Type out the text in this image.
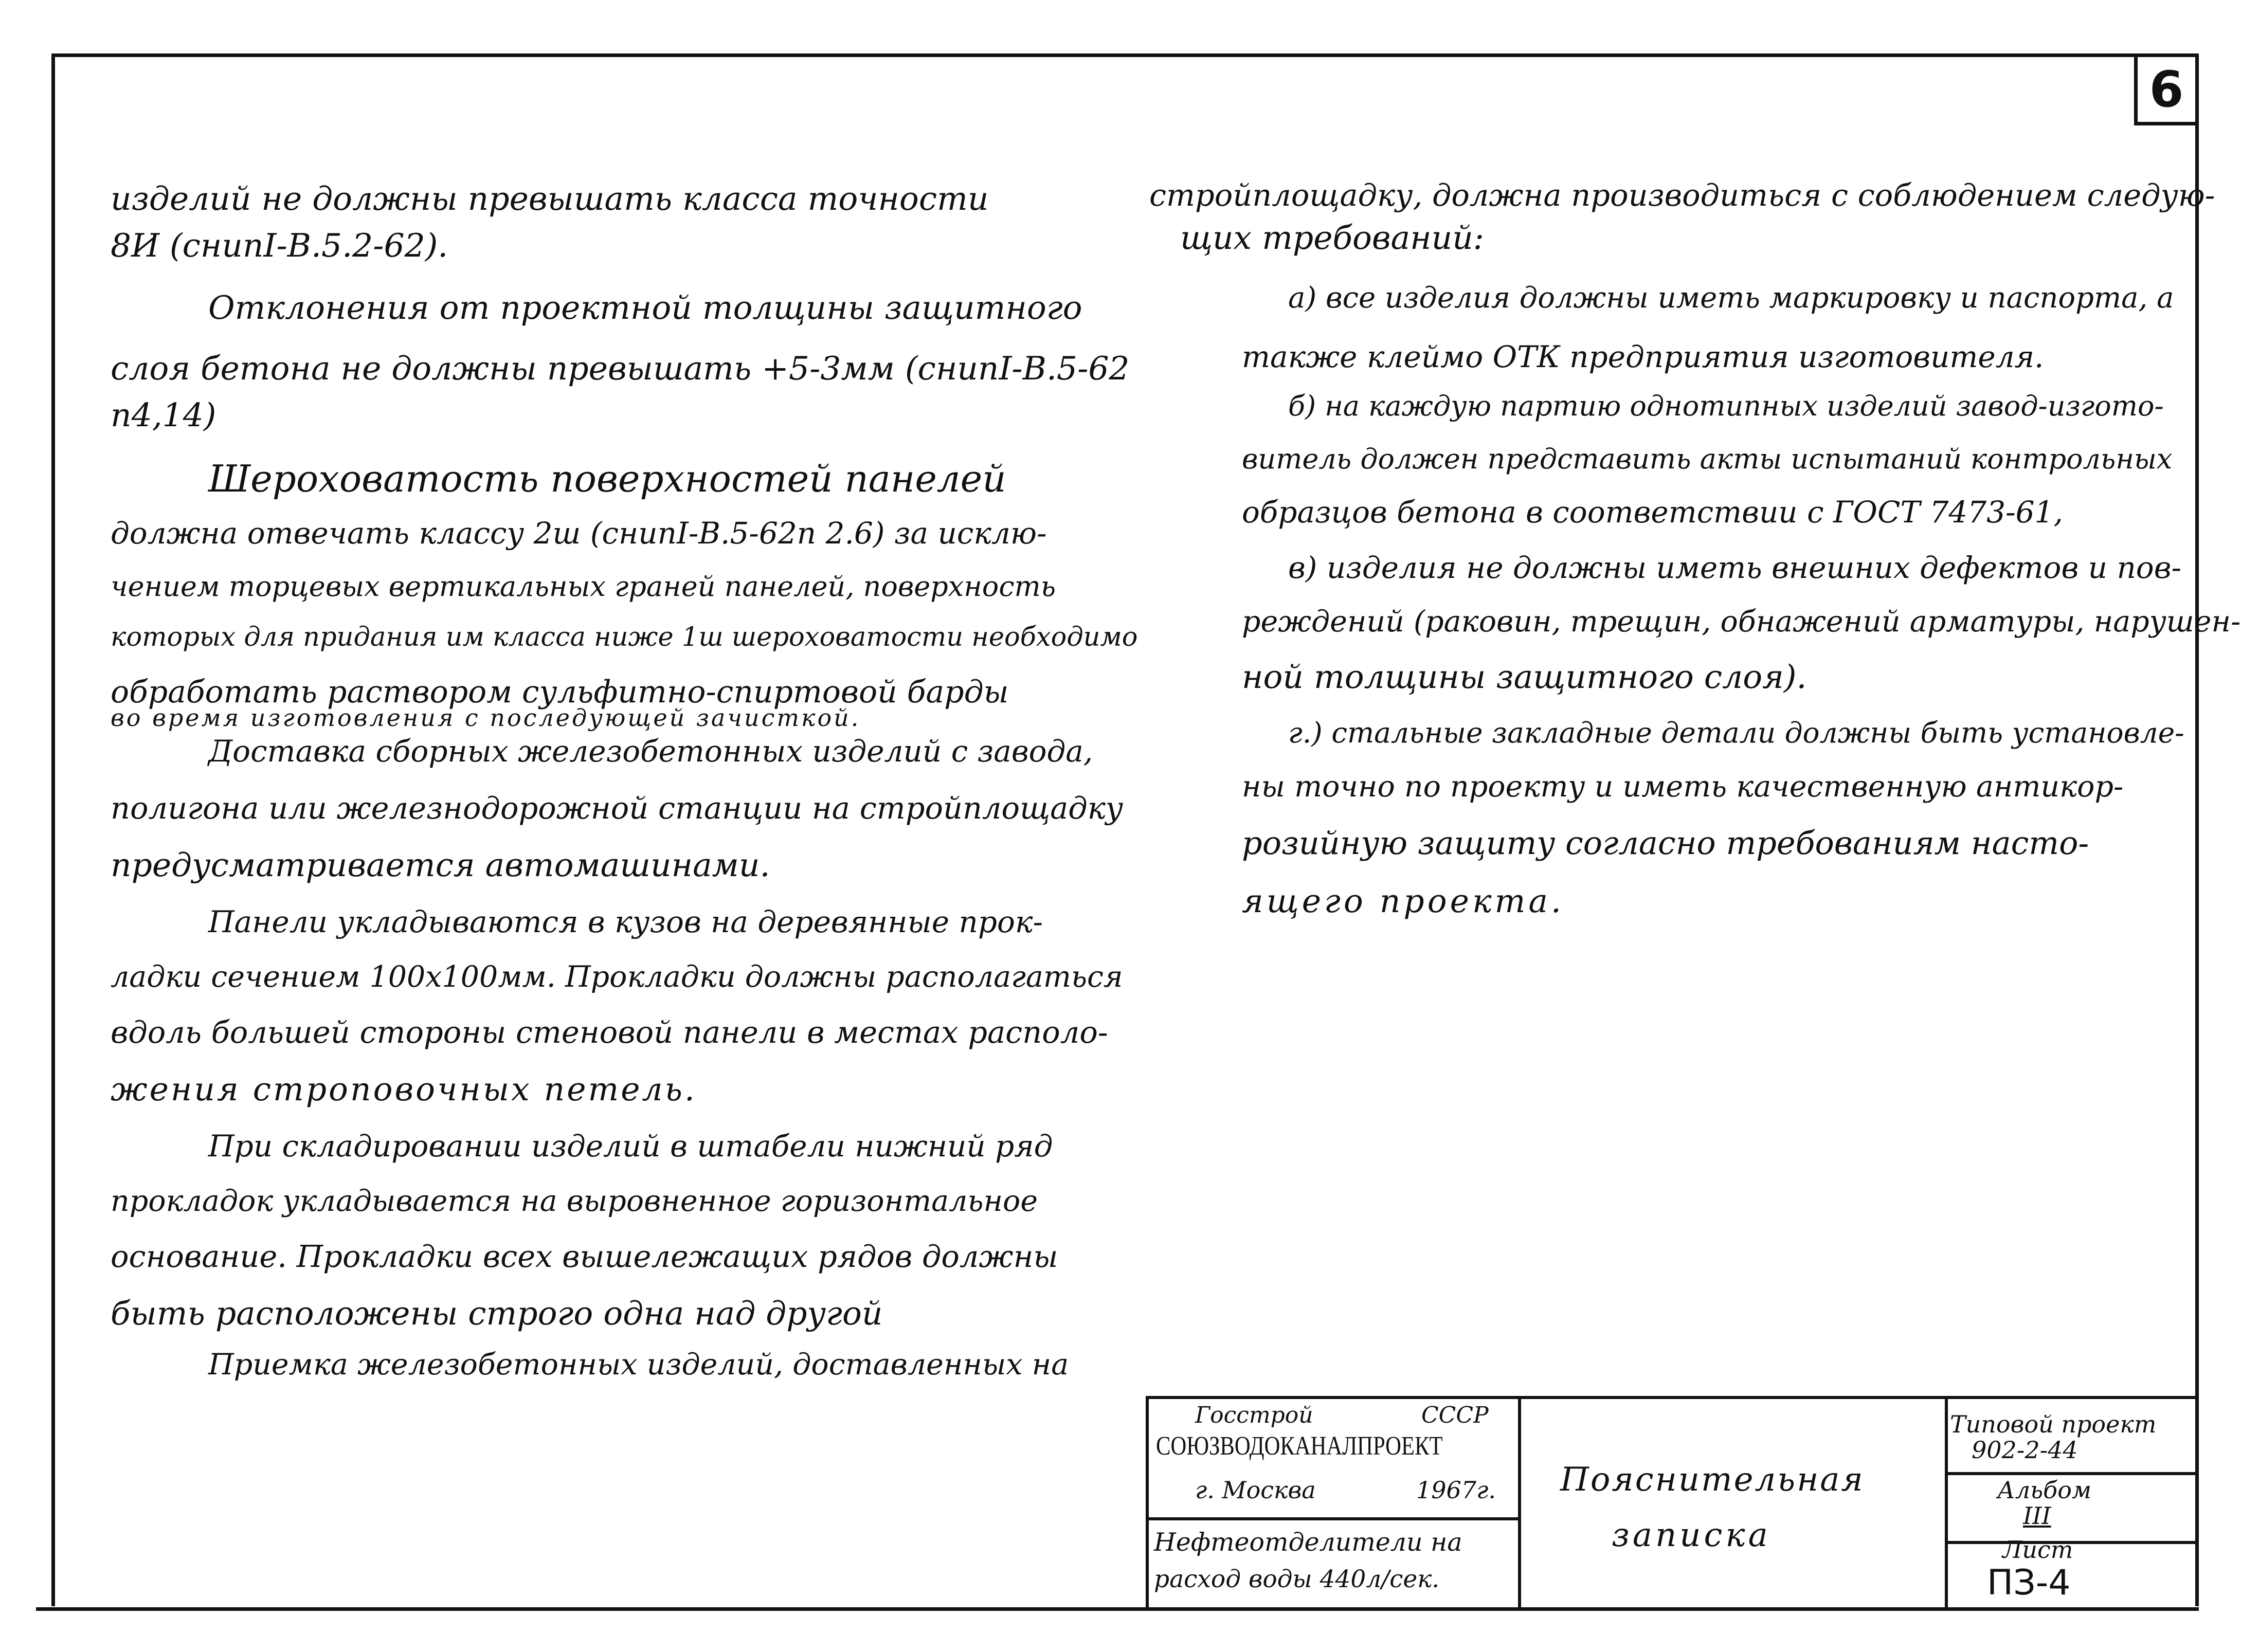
6

изделий не должны превышать класса точности

8И (сниnI-В.5.2-62).

Отклонения от проектной толщины защитного

слоя бетона не должны превышать +5-3мм (сниnI-В.5-62

п4,14)

Шероховатость поверхностей панелей

должна отвечать классу 2ш (сниnI-В.5-62п 2.6) за исклю-

чением торцевых вертикальных граней панелей, поверхность

которых для придания им класса ниже 1ш шероховатости необходимо

обработать раствором сульфитно-спиртовой барды

во время изготовления с последующей зачисткой.

Доставка сборных железобетонных изделий с завода,

полигона или железнодорожной станции на стройплощадку

предусматривается автомашинами.

Панели укладываются в кузов на деревянные прок-

ладки сечением 100х100мм. Прокладки должны располагаться

вдоль большей стороны стеновой панели в местах располо-

жения строповочных петель.

При складировании изделий в штабели нижний ряд

прокладок укладывается на выровненное горизонтальное

основание. Прокладки всех вышележащих рядов должны

быть расположены строго одна над другой

Приемка железобетонных изделий, доставленных на

стройплощадку, должна производиться с соблюдением следую-

щих требований:

а) все изделия должны иметь маркировку и паспорта, а

также клеймо ОТК предприятия изготовителя.

б) на каждую партию однотипных изделий завод-изгото-

витель должен представить акты испытаний контрольных

образцов бетона в соответствии с ГОСТ 7473-61,

в) изделия не должны иметь внешних дефектов и пов-

реждений (раковин, трещин, обнажений арматуры, нарушен-

ной толщины защитного слоя).

г.) стальные закладные детали должны быть установле-

ны точно по проекту и иметь качественную антикор-

розийную защиту согласно требованиям насто-

ящего проекта.

Госстрой	СССР
СОЮЗВОДОКАНАЛПРОЕКТ
г. Москва	1967г.
Нефтеотделители на
расход воды 440л/сек.
Пояснительная
записка
Типовой проект
902-2-44
Альбом
III
Лист
ПЗ-4
